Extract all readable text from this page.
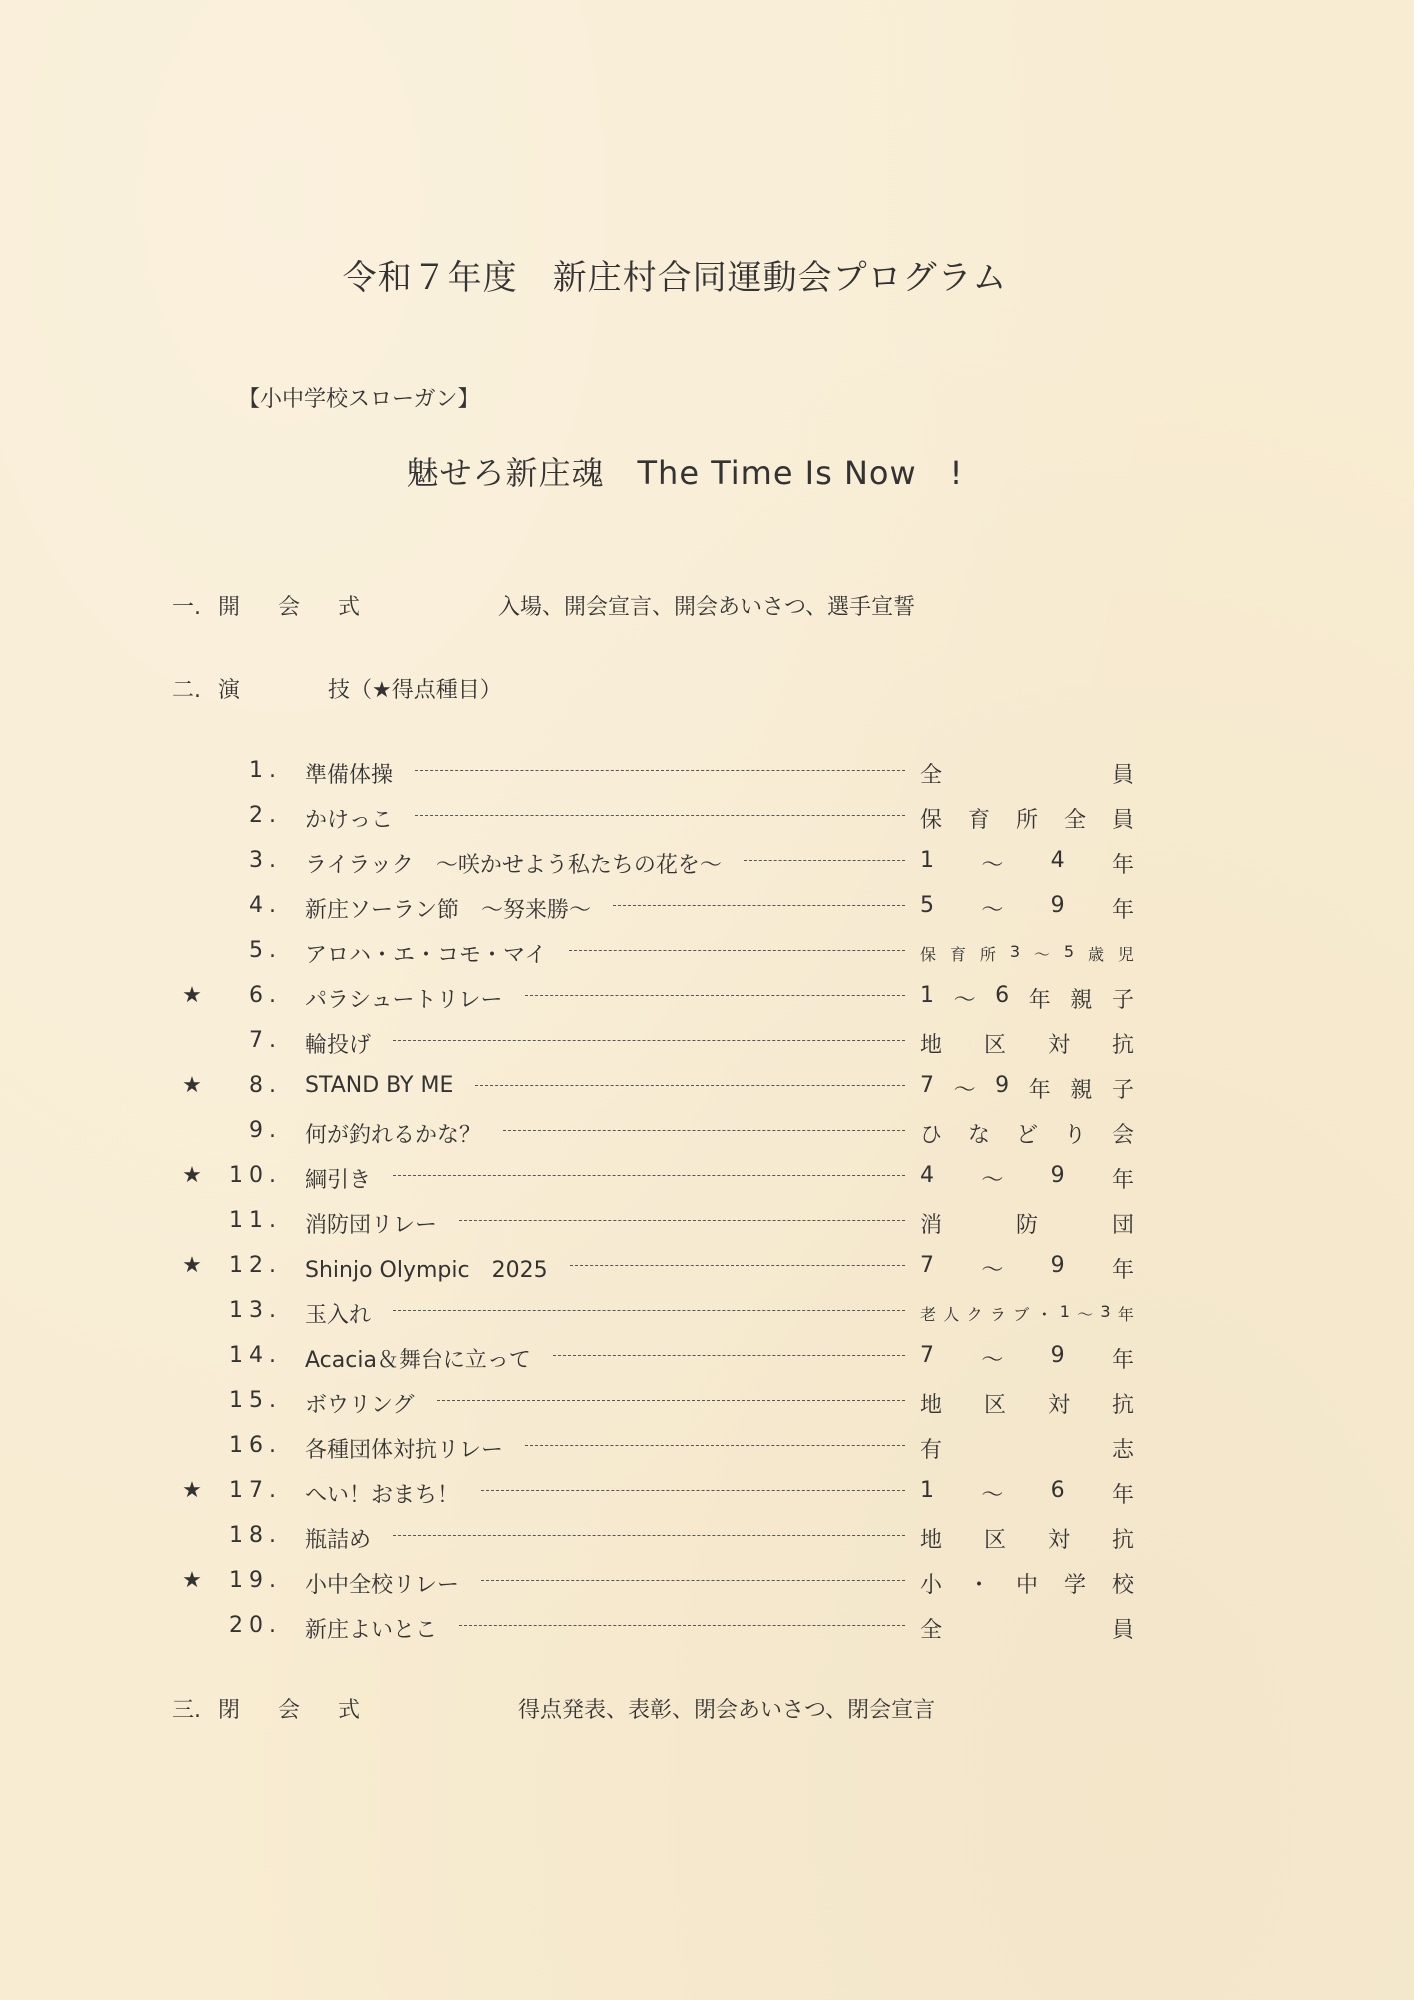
令和７年度　新庄村合同運動会プログラム
【小中学校スローガン】
魅せろ新庄魂　The Time Is Now　!
一. 開会式	入場、開会宣言、開会あいさつ、選手宣誓
二. 演　　　　技（★得点種目）
1. 準備体操	全	員
2. かけっこ	保 育 所 全 員
3. ライラック　～咲かせよう私たちの花を～	1 ～ 4 年
4. 新庄ソーラン節　～努来勝～	5 ～ 9 年
5. アロハ・エ・コモ・マイ	保 育 所 3 ～ 5 歳 児
★	6. パラシュートリレー	1 ～ 6 年 親 子
7. 輪投げ	地 区 対 抗
★	8. STAND BY ME	7 ～ 9 年 親 子
9. 何が釣れるかな？	ひ な ど り 会
★	10. 綱引き	4 ～ 9 年
11. 消防団リレー	消	防	団
★	12. Shinjo Olympic　2025	7 ～ 9 年
13. 玉入れ	老 人 ク ラ ブ ・ 1 ～ 3 年
14. Acacia＆舞台に立って	7 ～ 9 年
15. ボウリング	地 区 対 抗
16. 各種団体対抗リレー	有	志
★	17. へい！おまち！	1 ～ 6 年
18. 瓶詰め	地 区 対 抗
★	19. 小中全校リレー	小 ・ 中 学 校
20. 新庄よいとこ	全	員
三. 閉会式	得点発表、表彰、閉会あいさつ、閉会宣言
